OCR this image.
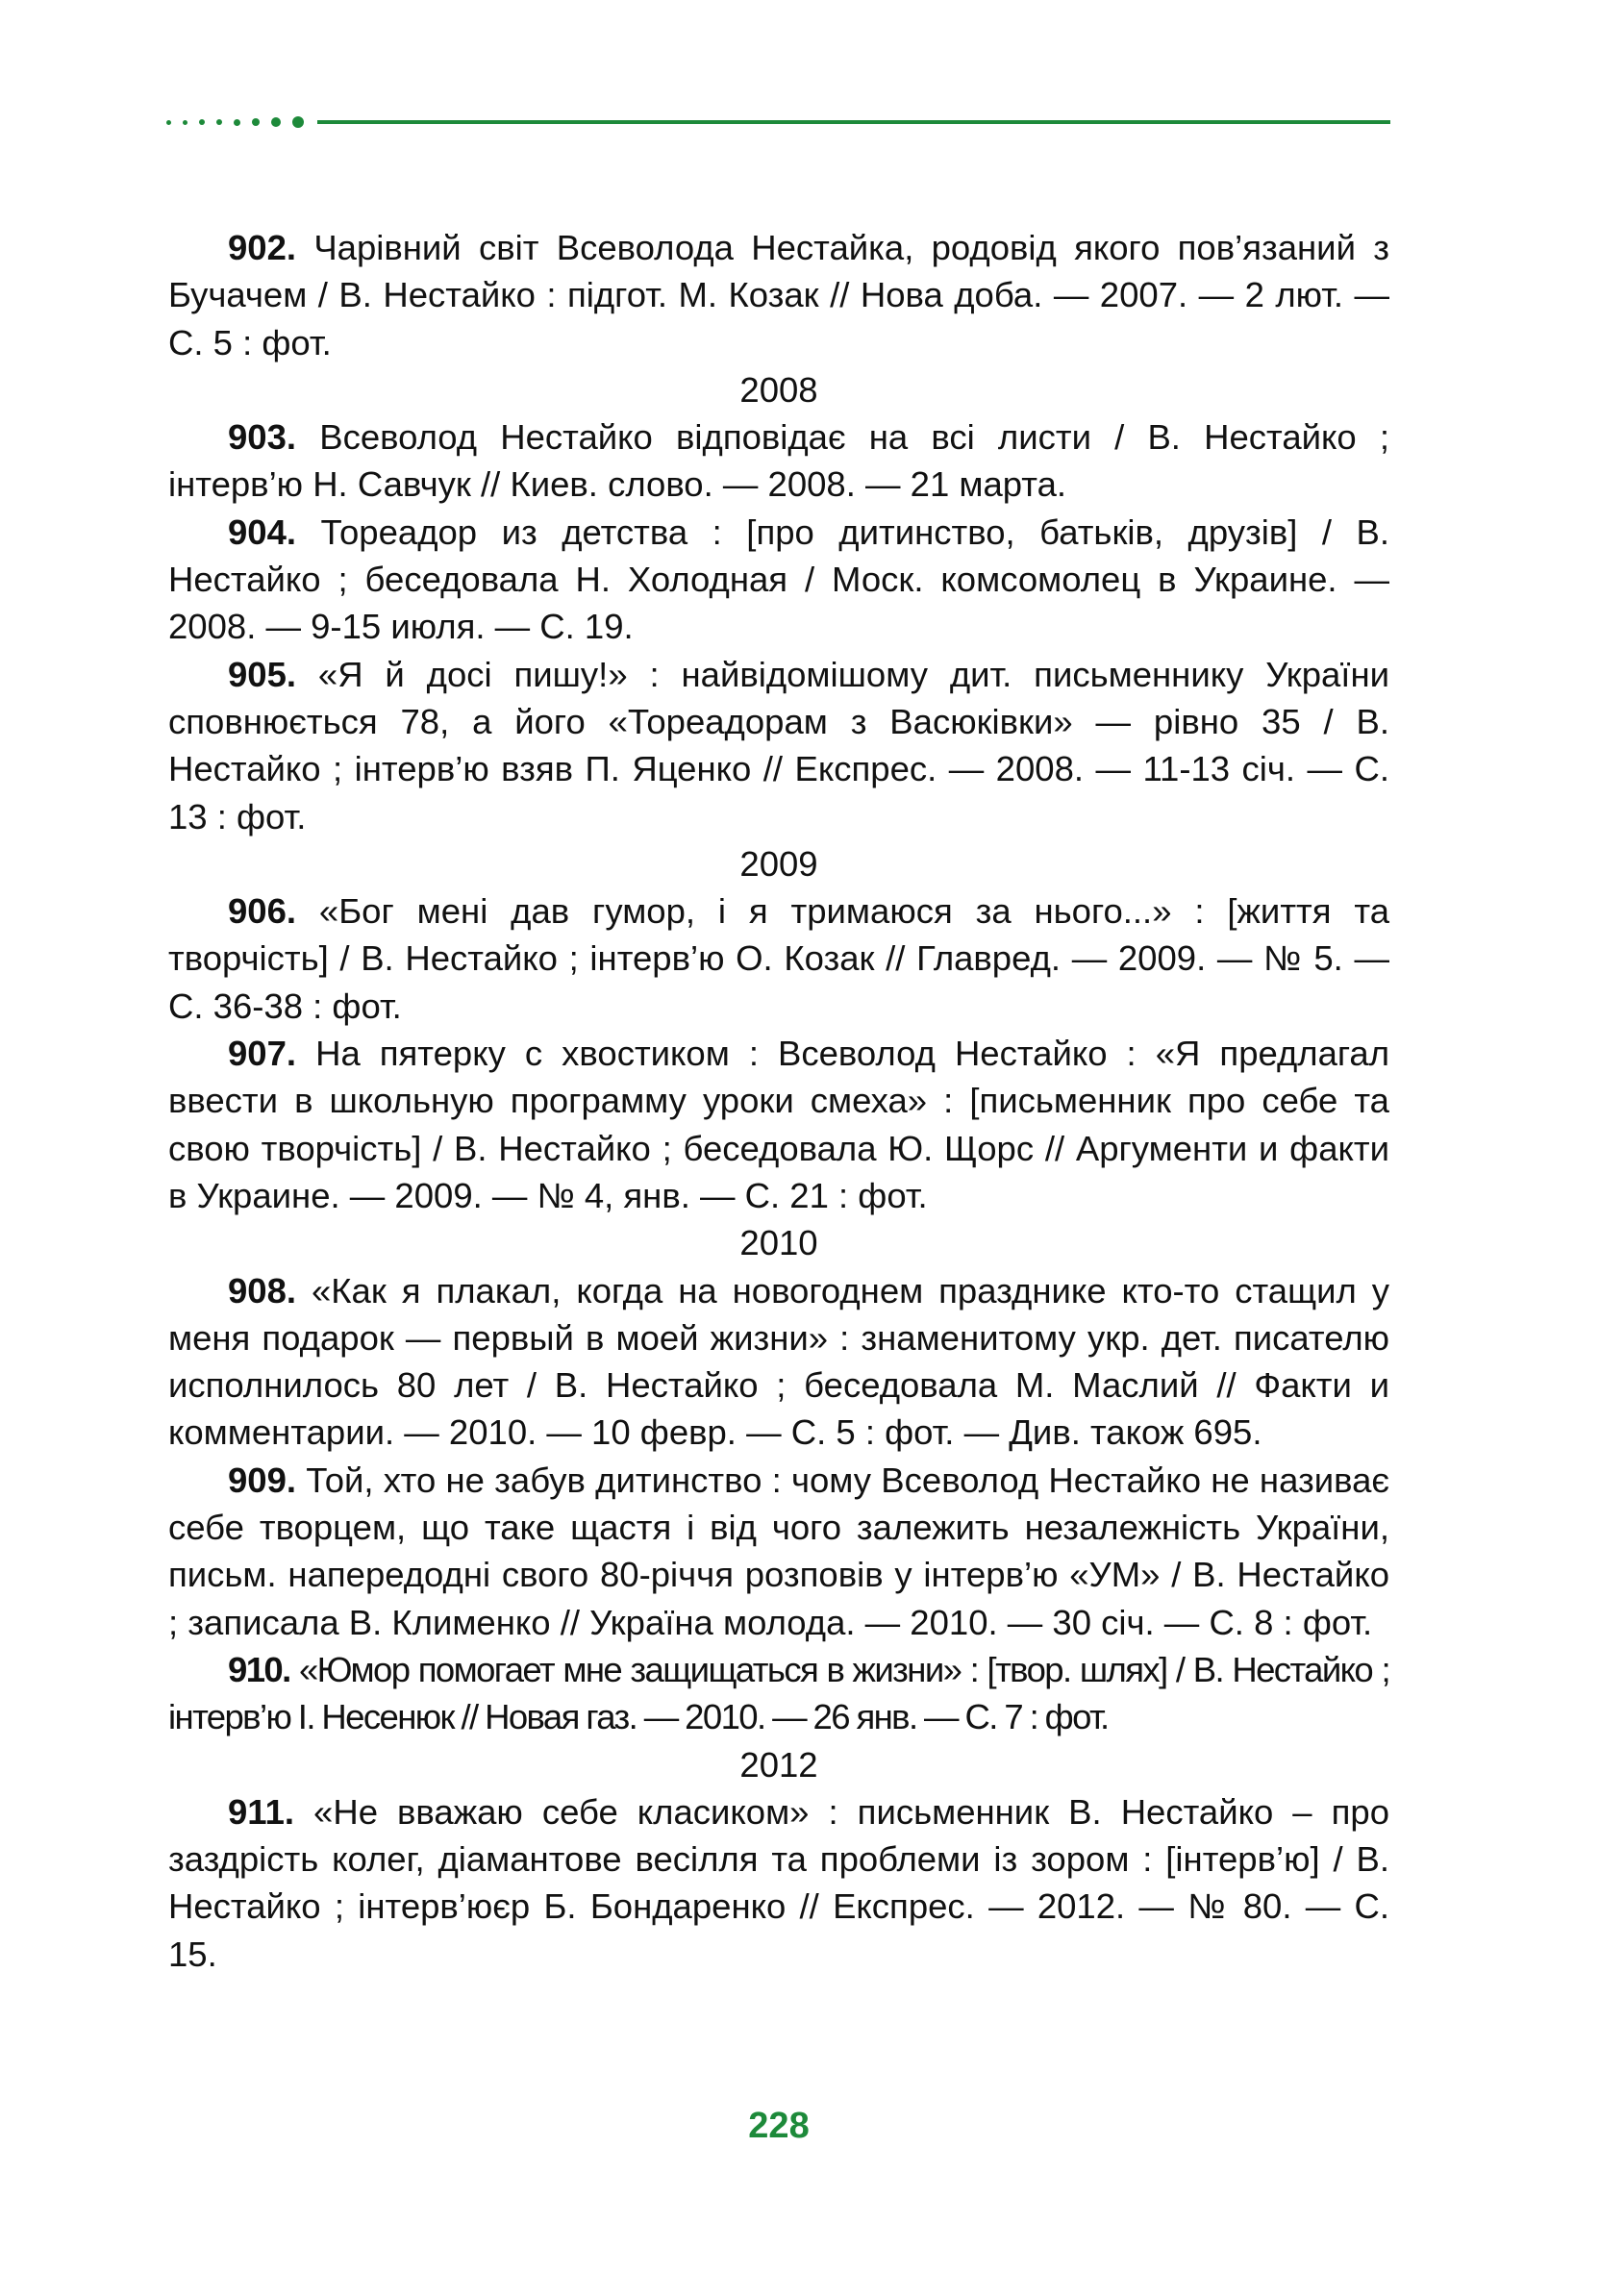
902. Чарівний світ Всеволода Нестайка, родовід якого пов’язаний з Бучачем / В. Нестайко : підгот. М. Козак // Нова доба. — 2007. — 2 лют. — С. 5 : фот.

2008

903. Всеволод Нестайко відповідає на всі листи / В. Нестайко ; інтерв’ю Н. Савчук // Киев. слово. — 2008. — 21 марта.

904. Тореадор из детства : [про дитинство, батьків, друзів] / В. Нестайко ; беседовала Н. Холодная / Моск. комсомолец в Украине. — 2008. — 9-15 июля. — С. 19.

905. «Я й досі пишу!» : найвідомішому дит. письменнику України сповнюється 78, а його «Тореадорам з Васюківки» — рівно 35 / В. Нестайко ; інтерв’ю взяв П. Яценко // Експрес. — 2008. — 11-13 січ. — С. 13 : фот.

2009

906. «Бог мені дав гумор, і я тримаюся за нього...» : [життя та творчість] / В. Нестайко ; інтерв’ю О. Козак // Главред. — 2009. — № 5. — С. 36-38 : фот.

907. На пятерку с хвостиком : Всеволод Нестайко : «Я предлагал ввести в школьную программу уроки смеха» : [письменник про себе та свою творчість] / В. Нестайко ; беседовала Ю. Щорс // Аргументи и факти в Украине. — 2009. — № 4, янв. — С. 21 : фот.

2010

908. «Как я плакал, когда на новогоднем празднике кто-то стащил у меня подарок — первый в моей жизни» : знаменитому укр. дет. писателю исполнилось 80 лет / В. Нестайко ; беседовала М. Маслий // Факти и комментарии. — 2010. — 10 февр. — С. 5 : фот. — Див. також 695.

909. Той, хто не забув дитинство : чому Всеволод Нестайко не називає себе творцем, що таке щастя і від чого залежить незалежність України, письм. напередодні свого 80-річчя розповів у інтерв’ю «УМ» / В. Нестайко ; записала В. Клименко // Україна молода. — 2010. — 30 січ. — С. 8 : фот.

910. «Юмор помогает мне защищаться в жизни» : [твор. шлях] / В. Нестайко ; інтерв’ю І. Несенюк // Новая газ. — 2010. — 26 янв. — С. 7 : фот.

2012

911. «Не вважаю себе класиком» : письменник В. Нестайко – про заздрість колег, діамантове весілля та проблеми із зором : [інтерв’ю] / В. Нестайко ; інтерв’юєр Б. Бондаренко // Експрес. — 2012. — № 80. — С. 15.

228
